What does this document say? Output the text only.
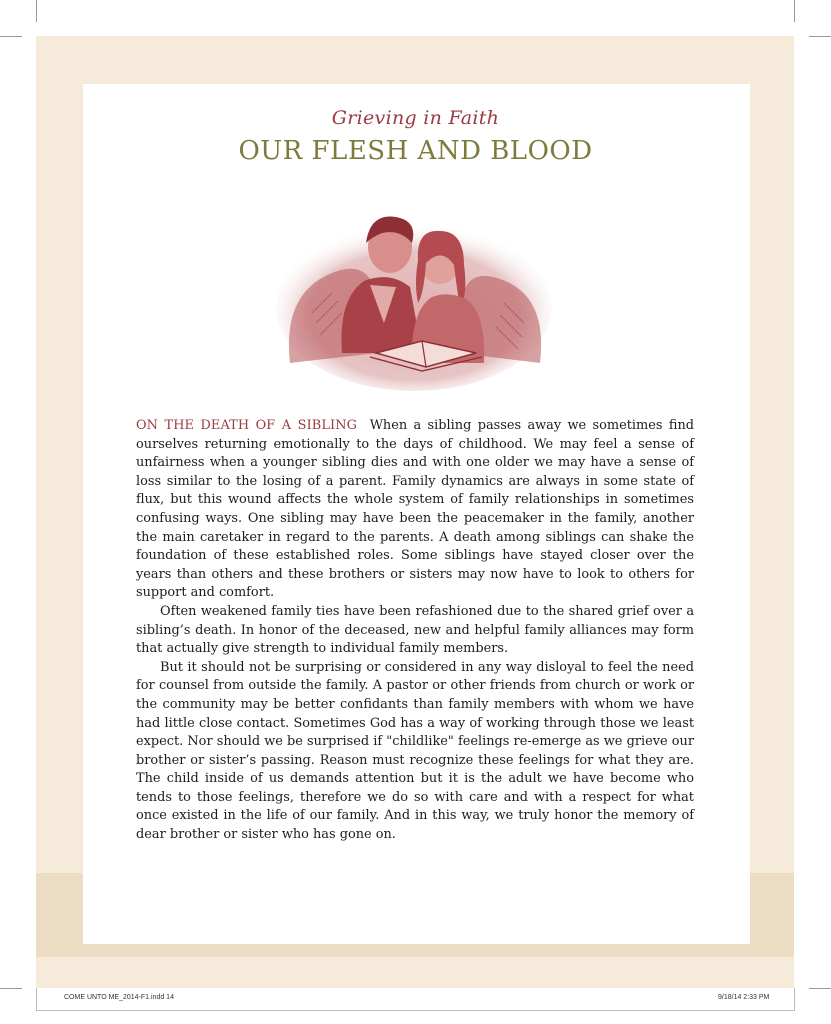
Grieving in Faith
OUR FLESH AND BLOOD

ON THE DEATH OF A SIBLING When a sibling passes away we sometimes find ourselves returning emotionally to the days of childhood. We may feel a sense of unfairness when a younger sibling dies and with one older we may have a sense of loss similar to the losing of a parent. Family dynamics are always in some state of flux, but this wound affects the whole system of family relationships in sometimes confusing ways. One sibling may have been the peacemaker in the family, another the main caretaker in regard to the parents. A death among siblings can shake the foundation of these established roles. Some siblings have stayed closer over the years than others and these brothers or sisters may now have to look to others for support and comfort.

Often weakened family ties have been refashioned due to the shared grief over a sibling’s death. In honor of the deceased, new and helpful family alliances may form that actually give strength to individual family members.

But it should not be surprising or considered in any way disloyal to feel the need for counsel from outside the family. A pastor or other friends from church or work or the community may be better confidants than family members with whom we have had little close contact. Sometimes God has a way of working through those we least expect. Nor should we be surprised if "childlike" feelings re-emerge as we grieve our brother or sister’s passing. Reason must recognize these feelings for what they are. The child inside of us demands attention but it is the adult we have become who tends to those feelings, therefore we do so with care and with a respect for what once existed in the life of our family. And in this way, we truly honor the memory of dear brother or sister who has gone on.

COME UNTO ME_2014-F1.indd 14	9/18/14 2:33 PM
